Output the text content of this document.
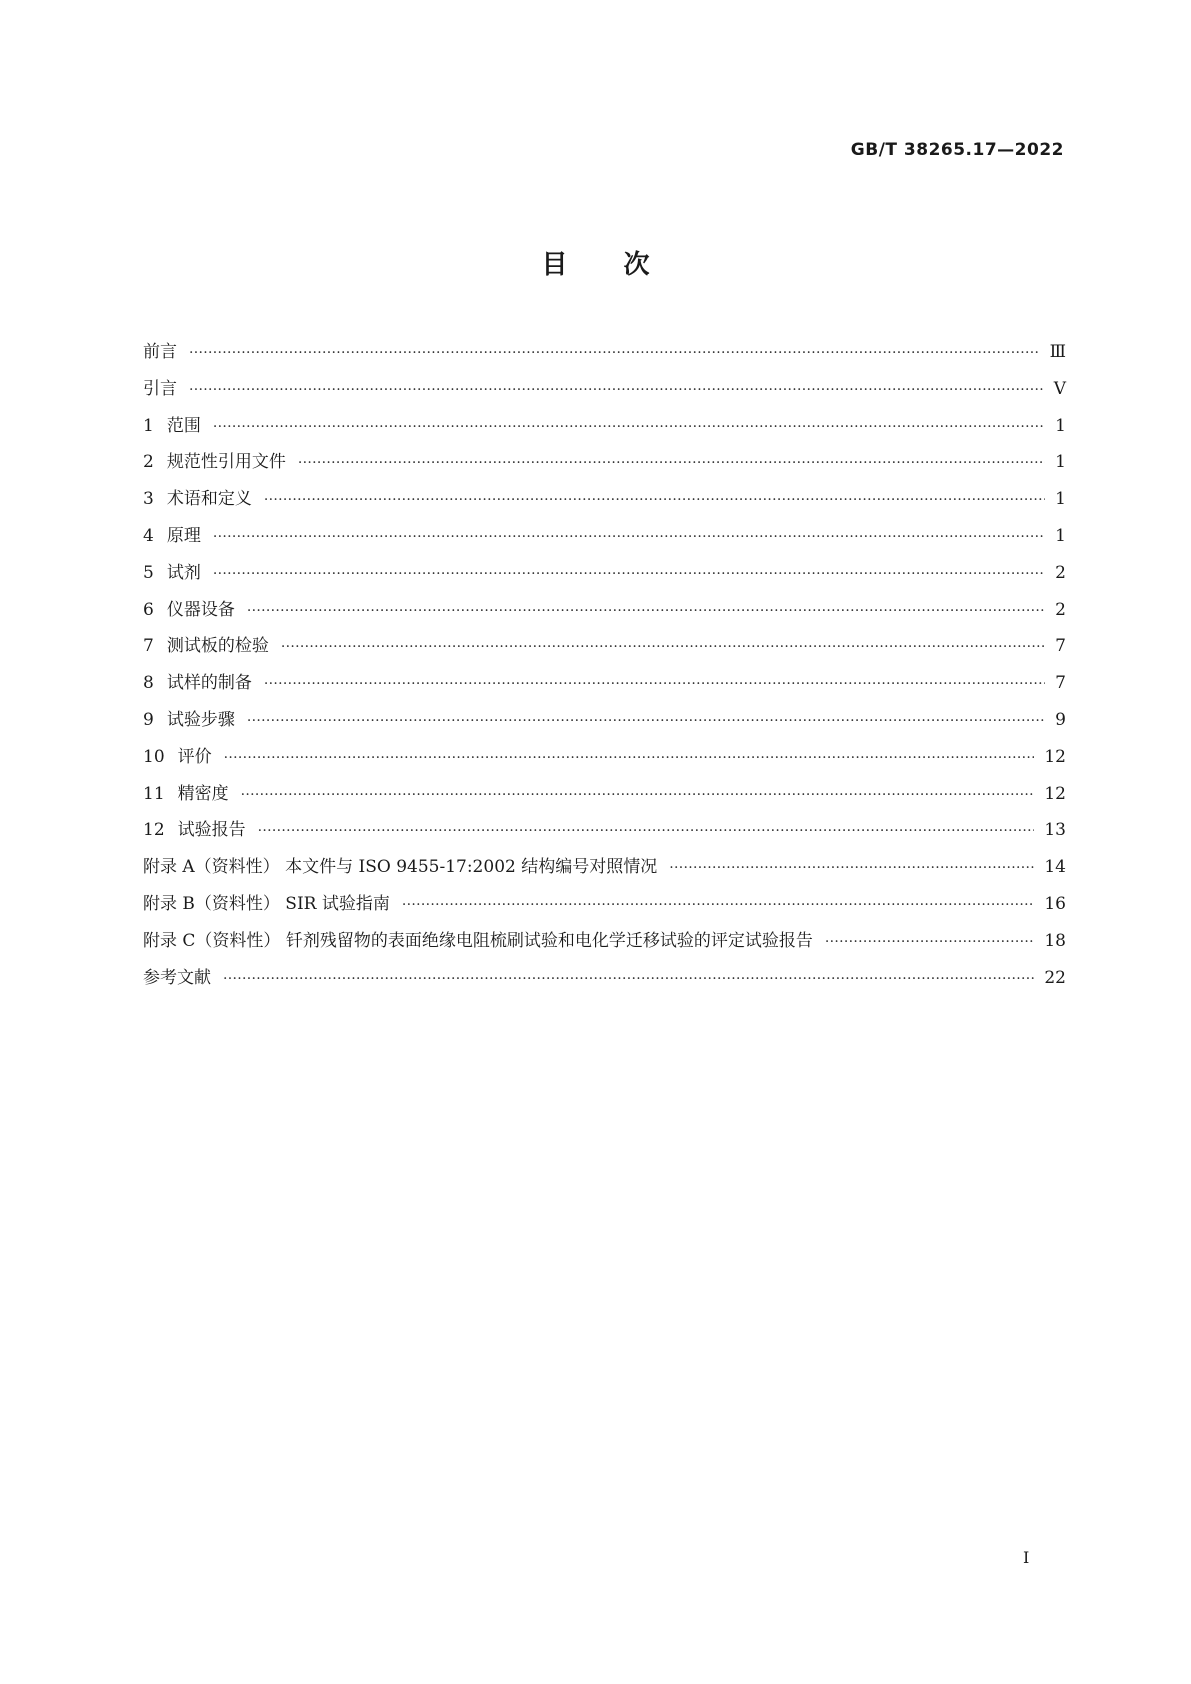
GB/T 38265.17—2022
目次
前言 ·····	Ⅲ
引言 ·····	Ⅴ
1 范围 ·····	1
2 规范性引用文件 ·····	1
3 术语和定义 ·····	1
4 原理 ·····	1
5 试剂 ·····	2
6 仪器设备 ·····	2
7 测试板的检验 ·····	7
8 试样的制备 ·····	7
9 试验步骤 ·····	9
10 评价 ·····	12
11 精密度 ·····	12
12 试验报告 ·····	13
附录 A（资料性） 本文件与 ISO 9455-17:2002 结构编号对照情况 ·····	14
附录 B（资料性） SIR 试验指南 ·····	16
附录 C（资料性） 钎剂残留物的表面绝缘电阻梳刷试验和电化学迁移试验的评定试验报告 ·····	18
参考文献 ·····	22
I
